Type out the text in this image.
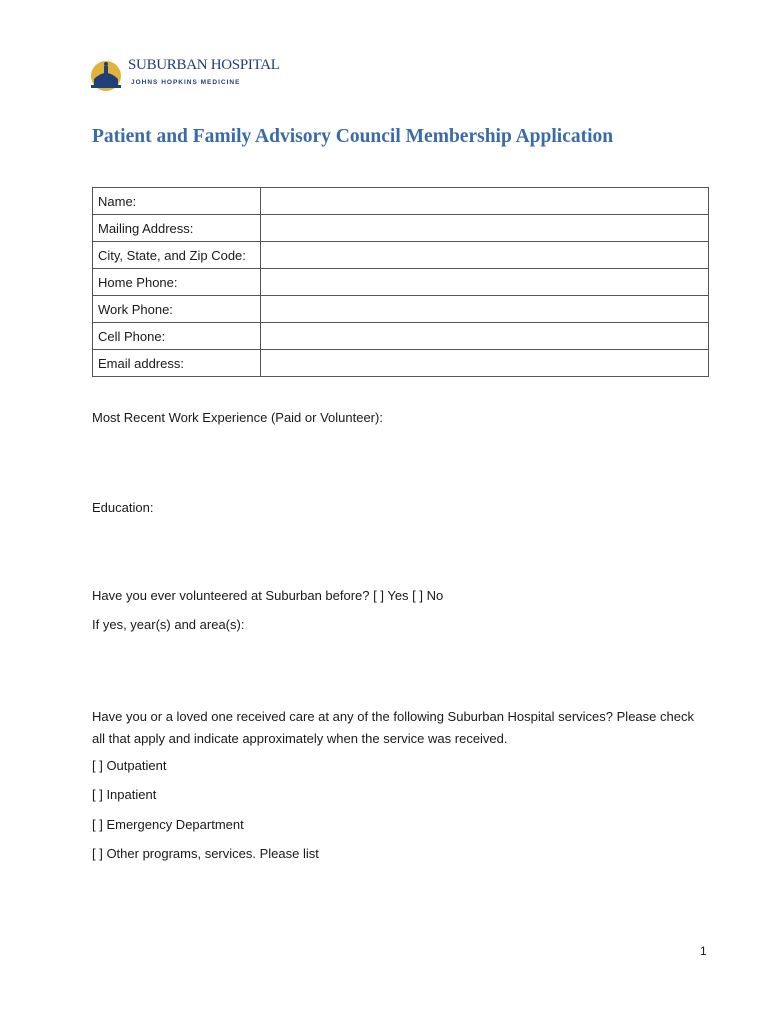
SUBURBAN HOSPITAL
JOHNS HOPKINS MEDICINE
Patient and Family Advisory Council Membership Application
Name:	
Mailing Address:	
City, State, and Zip Code:	
Home Phone:	
Work Phone:	
Cell Phone:	
Email address:	
Most Recent Work Experience (Paid or Volunteer):
Education:
Have you ever volunteered at Suburban before? [ ] Yes [ ] No
If yes, year(s) and area(s):
Have you or a loved one received care at any of the following Suburban Hospital services? Please check all that apply and indicate approximately when the service was received.
[ ] Outpatient
[ ] Inpatient
[ ] Emergency Department
[ ] Other programs, services. Please list
1
